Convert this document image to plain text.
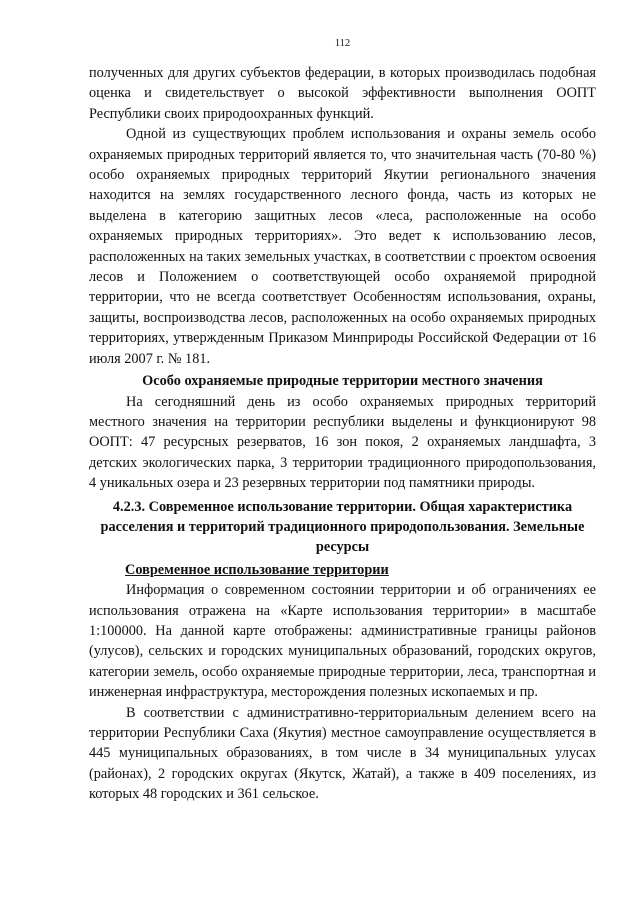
112

полученных для других субъектов федерации, в которых производилась подобная оценка и свидетельствует о высокой эффективности выполнения ООПТ Республики своих природоохранных функций.

Одной из существующих проблем использования и охраны земель особо охраняемых природных территорий является то, что значительная часть (70-80 %) особо охраняемых природных территорий Якутии регионального значения находится на землях государственного лесного фонда, часть из которых не выделена в категорию защитных лесов «леса, расположенные на особо охраняемых природных территориях». Это ведет к использованию лесов, расположенных на таких земельных участках, в соответствии с проектом освоения лесов и Положением о соответствующей особо охраняемой природной территории, что не всегда соответствует Особенностям использования, охраны, защиты, воспроизводства лесов, расположенных на особо охраняемых природных территориях, утвержденным Приказом Минприроды Российской Федерации от 16 июля 2007 г. № 181.

Особо охраняемые природные территории местного значения

На сегодняшний день из особо охраняемых природных территорий местного значения на территории республики выделены и функционируют 98 ООПТ: 47 ресурсных резерватов, 16 зон покоя, 2 охраняемых ландшафта, 3 детских экологических парка, 3 территории традиционного природопользования, 4 уникальных озера и 23 резервных территории под памятники природы.

4.2.3. Современное использование территории. Общая характеристика расселения и территорий традиционного природопользования. Земельные ресурсы
Современное использование территории

Информация о современном состоянии территории и об ограничениях ее использования отражена на «Карте использования территории» в масштабе 1:100000. На данной карте отображены: административные границы районов (улусов), сельских и городских муниципальных образований, городских округов, категории земель, особо охраняемые природные территории, леса, транспортная и инженерная инфраструктура, месторождения полезных ископаемых и пр.

В соответствии с административно-территориальным делением всего на территории Республики Саха (Якутия) местное самоуправление осуществляется в 445 муниципальных образованиях, в том числе в 34 муниципальных улусах (районах), 2 городских округах (Якутск, Жатай), а также в 409 поселениях, из которых 48 городских и 361 сельское.
